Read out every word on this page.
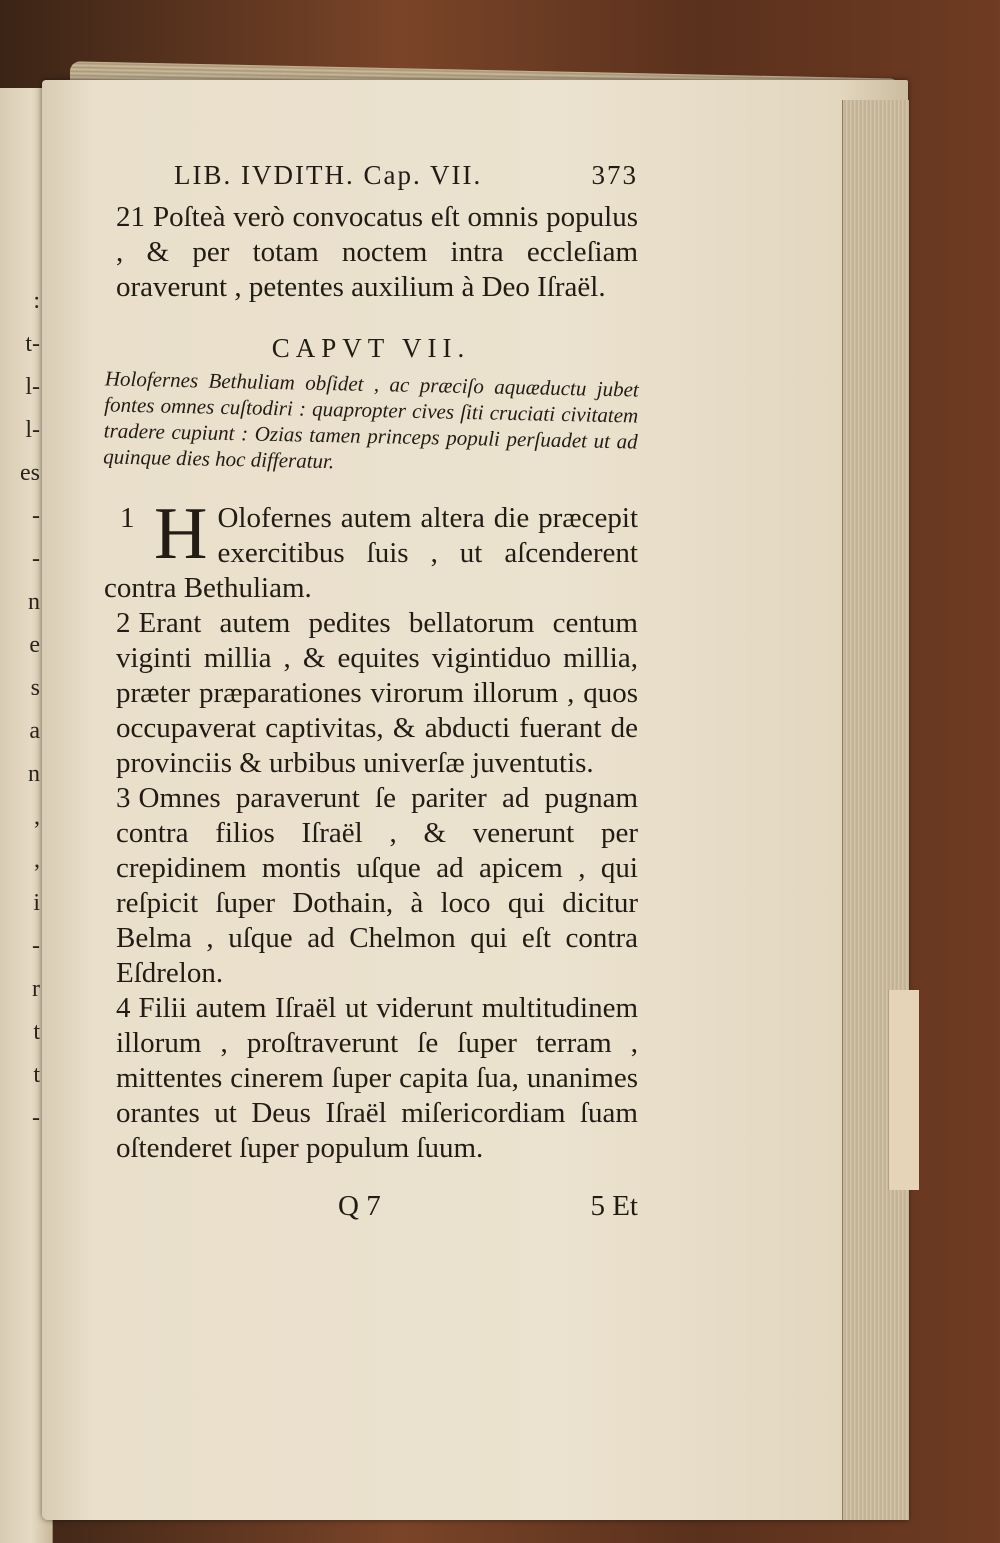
:
t-
l-
l-
es
-
-
n
e
s
a
n
,
,
i
-
r
t
t
-
LIB. IVDITH. Cap. VII.	373

21 Poſteà verò convocatus eſt omnis populus , & per totam noctem intra eccleſiam oraverunt , petentes auxilium à Deo Iſraël.

CAPVT VII.

Holofernes Bethuliam obſidet , ac præciſo aquæductu jubet fontes omnes cuſtodiri : quapropter cives ſiti cruciati civitatem tradere cupiunt : Ozias tamen princeps populi perſuadet ut ad quinque dies hoc differatur.

1 H Olofernes autem altera die præcepit exercitibus ſuis , ut aſcenderent contra Bethuliam.

2 Erant autem pedites bellatorum centum viginti millia , & equites vigintiduo millia, præter præparationes virorum illorum , quos occupaverat captivitas, & abducti fuerant de provinciis & urbibus univerſæ juventutis.

3 Omnes paraverunt ſe pariter ad pugnam contra filios Iſraël , & venerunt per crepidinem montis uſque ad apicem , qui reſpicit ſuper Dothain, à loco qui dicitur Belma , uſque ad Chelmon qui eſt contra Eſdrelon.

4 Filii autem Iſraël ut viderunt multitudinem illorum , proſtraverunt ſe ſuper terram , mittentes cinerem ſuper capita ſua, unanimes orantes ut Deus Iſraël miſericordiam ſuam oſtenderet ſuper populum ſuum.

Q 7	5 Et
